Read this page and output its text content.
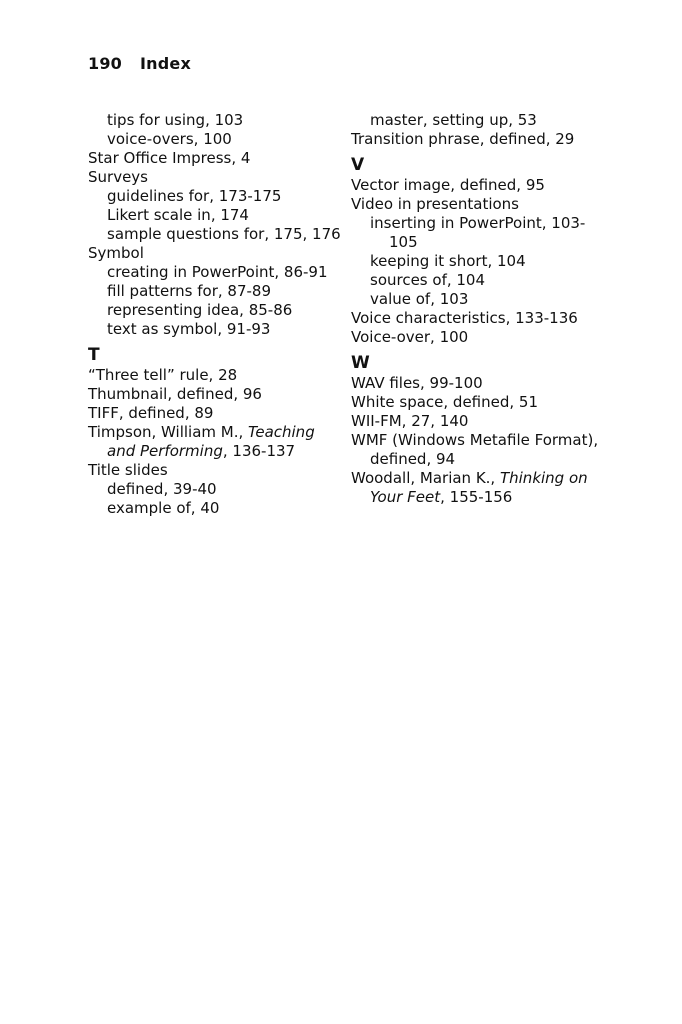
190 Index
tips for using, 103
voice-overs, 100
Star Office Impress, 4
Surveys
guidelines for, 173-175
Likert scale in, 174
sample questions for, 175, 176
Symbol
creating in PowerPoint, 86-91
fill patterns for, 87-89
representing idea, 85-86
text as symbol, 91-93
T
“Three tell” rule, 28
Thumbnail, defined, 96
TIFF, defined, 89
Timpson, William M., Teaching and Performing, 136-137
Title slides
defined, 39-40
example of, 40
master, setting up, 53
Transition phrase, defined, 29
V
Vector image, defined, 95
Video in presentations
inserting in PowerPoint, 103-105
keeping it short, 104
sources of, 104
value of, 103
Voice characteristics, 133-136
Voice-over, 100
W
WAV files, 99-100
White space, defined, 51
WII-FM, 27, 140
WMF (Windows Metafile Format), defined, 94
Woodall, Marian K., Thinking on Your Feet, 155-156
